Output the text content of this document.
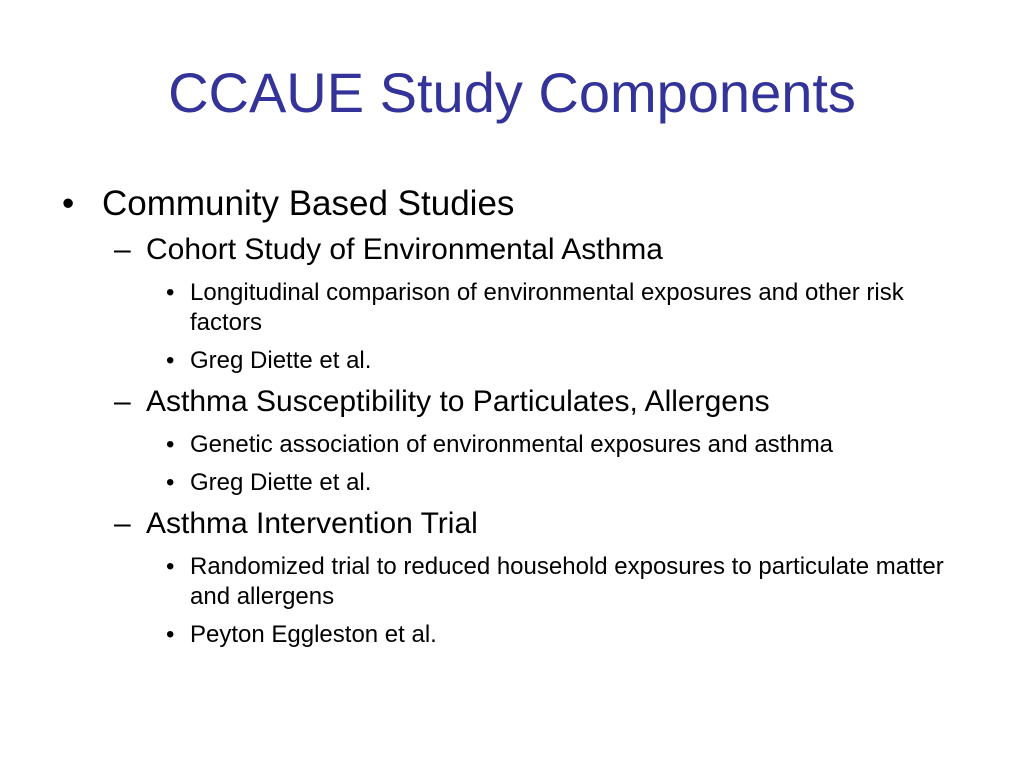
CCAUE Study Components
• Community Based Studies
– Cohort Study of Environmental Asthma
• Longitudinal comparison of environmental exposures and other risk factors
• Greg Diette et al.
– Asthma Susceptibility to Particulates, Allergens
• Genetic association of environmental exposures and asthma
• Greg Diette et al.
– Asthma Intervention Trial
• Randomized trial to reduced household exposures to particulate matter and allergens
• Peyton Eggleston et al.
